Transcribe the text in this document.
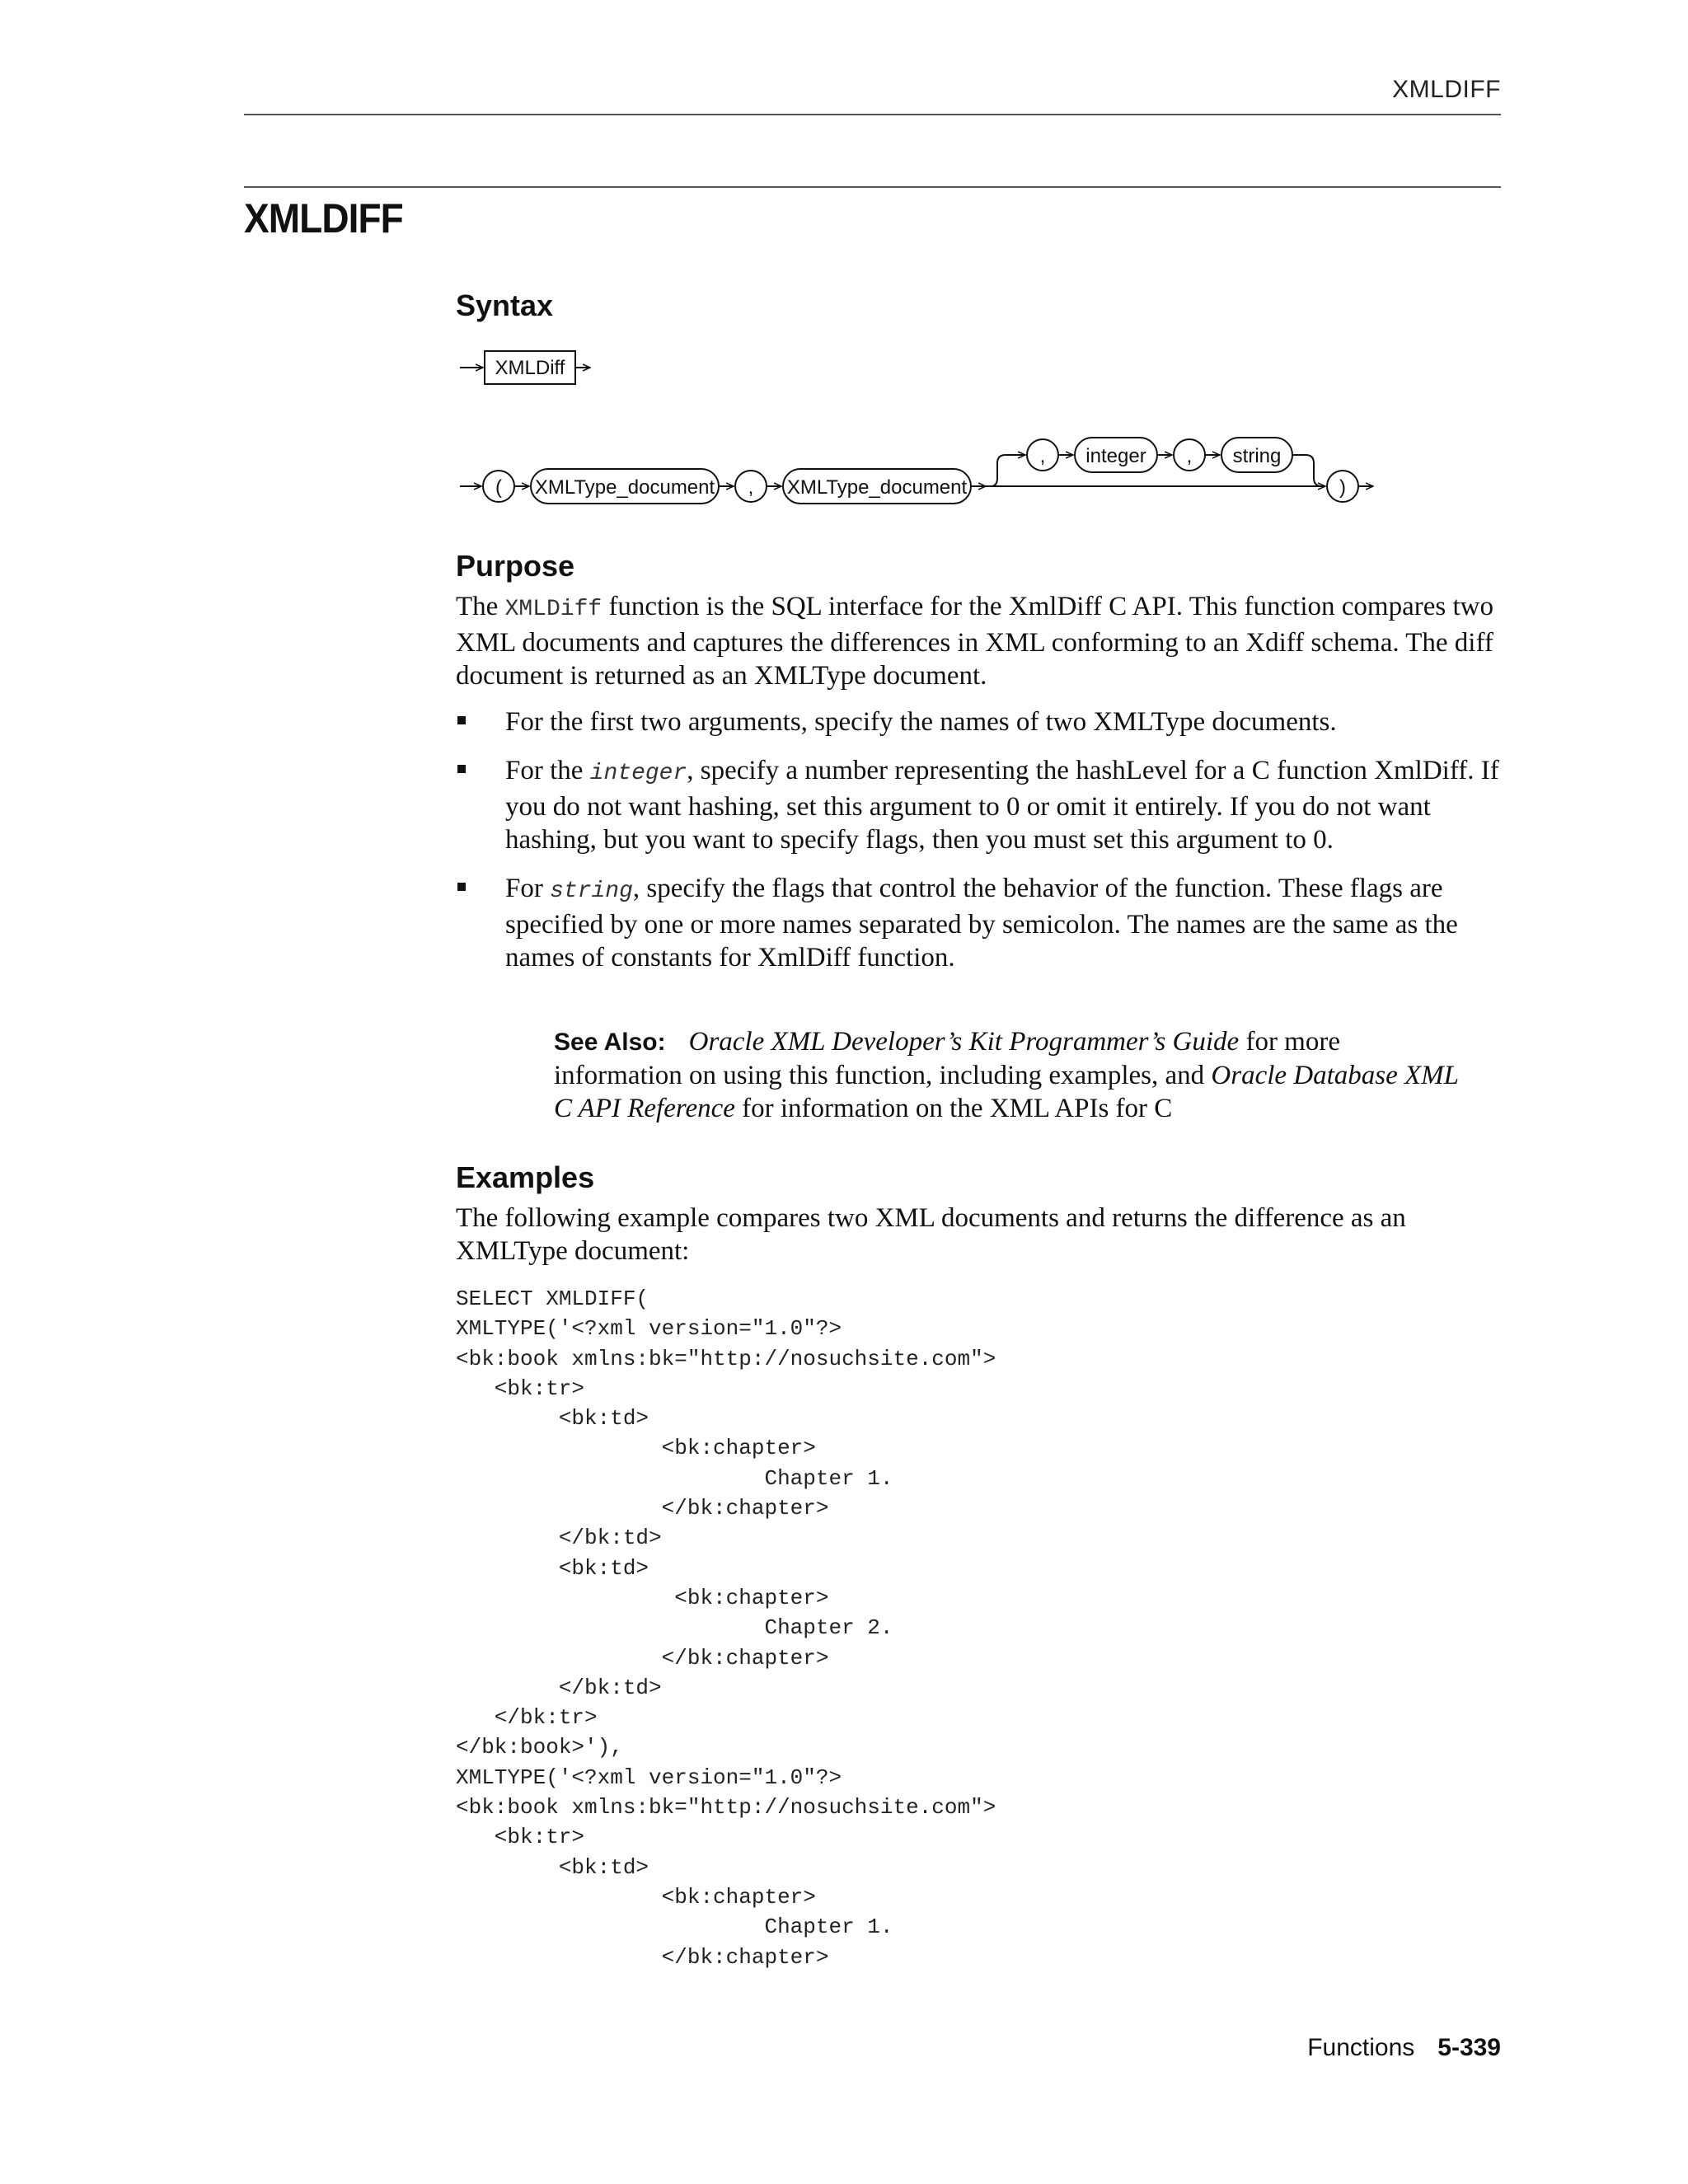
XMLDIFF
XMLDIFF
Syntax
XMLDiff
( XMLType_document , XMLType_document
, integer , string
)
Purpose

The XMLDiff function is the SQL interface for the XmlDiff C API. This function compares two XML documents and captures the differences in XML conforming to an Xdiff schema. The diff document is returned as an XMLType document.

For the first two arguments, specify the names of two XMLType documents.
For the integer, specify a number representing the hashLevel for a C function XmlDiff. If you do not want hashing, set this argument to 0 or omit it entirely. If you do not want hashing, but you want to specify flags, then you must set this argument to 0.
For string, specify the flags that control the behavior of the function. These flags are specified by one or more names separated by semicolon. The names are the same as the names of constants for XmlDiff function.

See Also: Oracle XML Developer’s Kit Programmer’s Guide for more information on using this function, including examples, and Oracle Database XML C API Reference for information on the XML APIs for C

Examples

The following example compares two XML documents and returns the difference as an XMLType document:

SELECT XMLDIFF(
XMLTYPE('<?xml version="1.0"?>
<bk:book xmlns:bk="http://nosuchsite.com">
<bk:tr>
<bk:td>
<bk:chapter>
Chapter 1.
</bk:chapter>
</bk:td>
<bk:td>
<bk:chapter>
Chapter 2.
</bk:chapter>
</bk:td>
</bk:tr>
</bk:book>'),
XMLTYPE('<?xml version="1.0"?>
<bk:book xmlns:bk="http://nosuchsite.com">
<bk:tr>
<bk:td>
<bk:chapter>
Chapter 1.
</bk:chapter>
Functions 5-339
